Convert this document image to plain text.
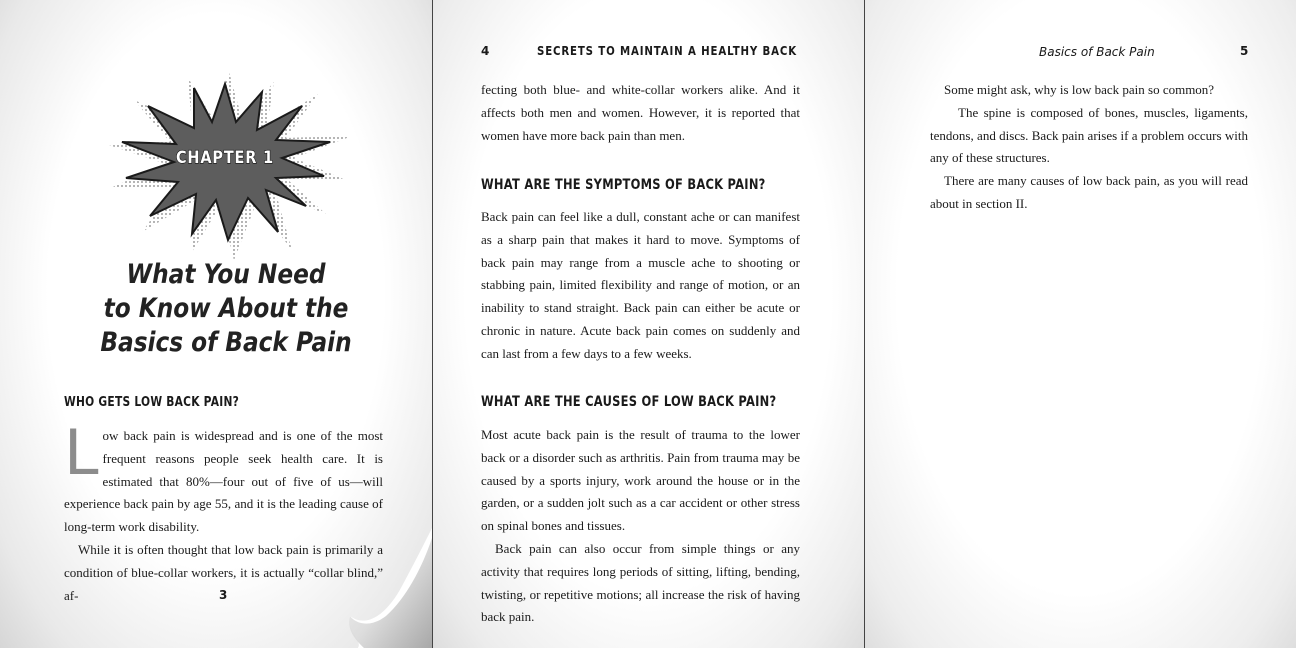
CHAPTER 1
What You Need
to Know About the
Basics of Back Pain
WHO GETS LOW BACK PAIN?

Low back pain is widespread and is one of the most frequent reasons people seek health care. It is estimated that 80%—four out of five of us—will experience back pain by age 55, and it is the leading cause of long-term work disability.

While it is often thought that low back pain is primarily a condition of blue-collar workers, it is actually “collar blind,” af-	3
4	SECRETS TO MAINTAIN A HEALTHY BACK
fecting both blue- and white-collar workers alike. And it affects both men and women. However, it is reported that women have more back pain than men.
WHAT ARE THE SYMPTOMS OF BACK PAIN?
Back pain can feel like a dull, constant ache or can manifest as a sharp pain that makes it hard to move. Symptoms of back pain may range from a muscle ache to shooting or stabbing pain, limited flexibility and range of motion, or an inability to stand straight. Back pain can either be acute or chronic in nature. Acute back pain comes on suddenly and can last from a few days to a few weeks.
WHAT ARE THE CAUSES OF LOW BACK PAIN?

Most acute back pain is the result of trauma to the lower back or a disorder such as arthritis. Pain from trauma may be caused by a sports injury, work around the house or in the garden, or a sudden jolt such as a car accident or other stress on spinal bones and tissues.

Back pain can also occur from simple things or any activity that requires long periods of sitting, lifting, bending, twisting, or repetitive motions; all increase the risk of having back pain.

Basics of Back Pain	5

Some might ask, why is low back pain so common?

The spine is composed of bones, muscles, ligaments, tendons, and discs. Back pain arises if a problem occurs with any of these structures.

There are many causes of low back pain, as you will read about in section II.
